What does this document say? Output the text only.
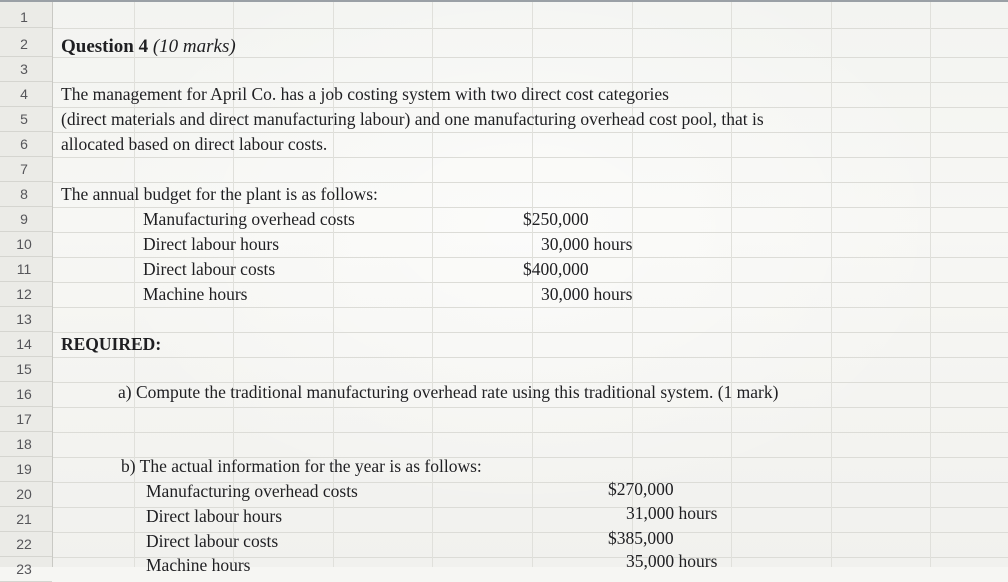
1
2
3
4
5
6
7
8
9
10
11
12
13
14
15
16
17
18
19
20
21
22
23
Question 4 (10 marks)
The management for April Co. has a job costing system with two direct cost categories
(direct materials and direct manufacturing labour) and one manufacturing overhead cost pool, that is
allocated based on direct labour costs.
The annual budget for the plant is as follows:
Manufacturing overhead costs	$250,000
Direct labour hours	30,000 hours
Direct labour costs	$400,000
Machine hours	30,000 hours
REQUIRED:
a) Compute the traditional manufacturing overhead rate using this traditional system. (1 mark)
b) The actual information for the year is as follows:
Manufacturing overhead costs	$270,000
Direct labour hours	31,000 hours
Direct labour costs	$385,000
Machine hours	35,000 hours
